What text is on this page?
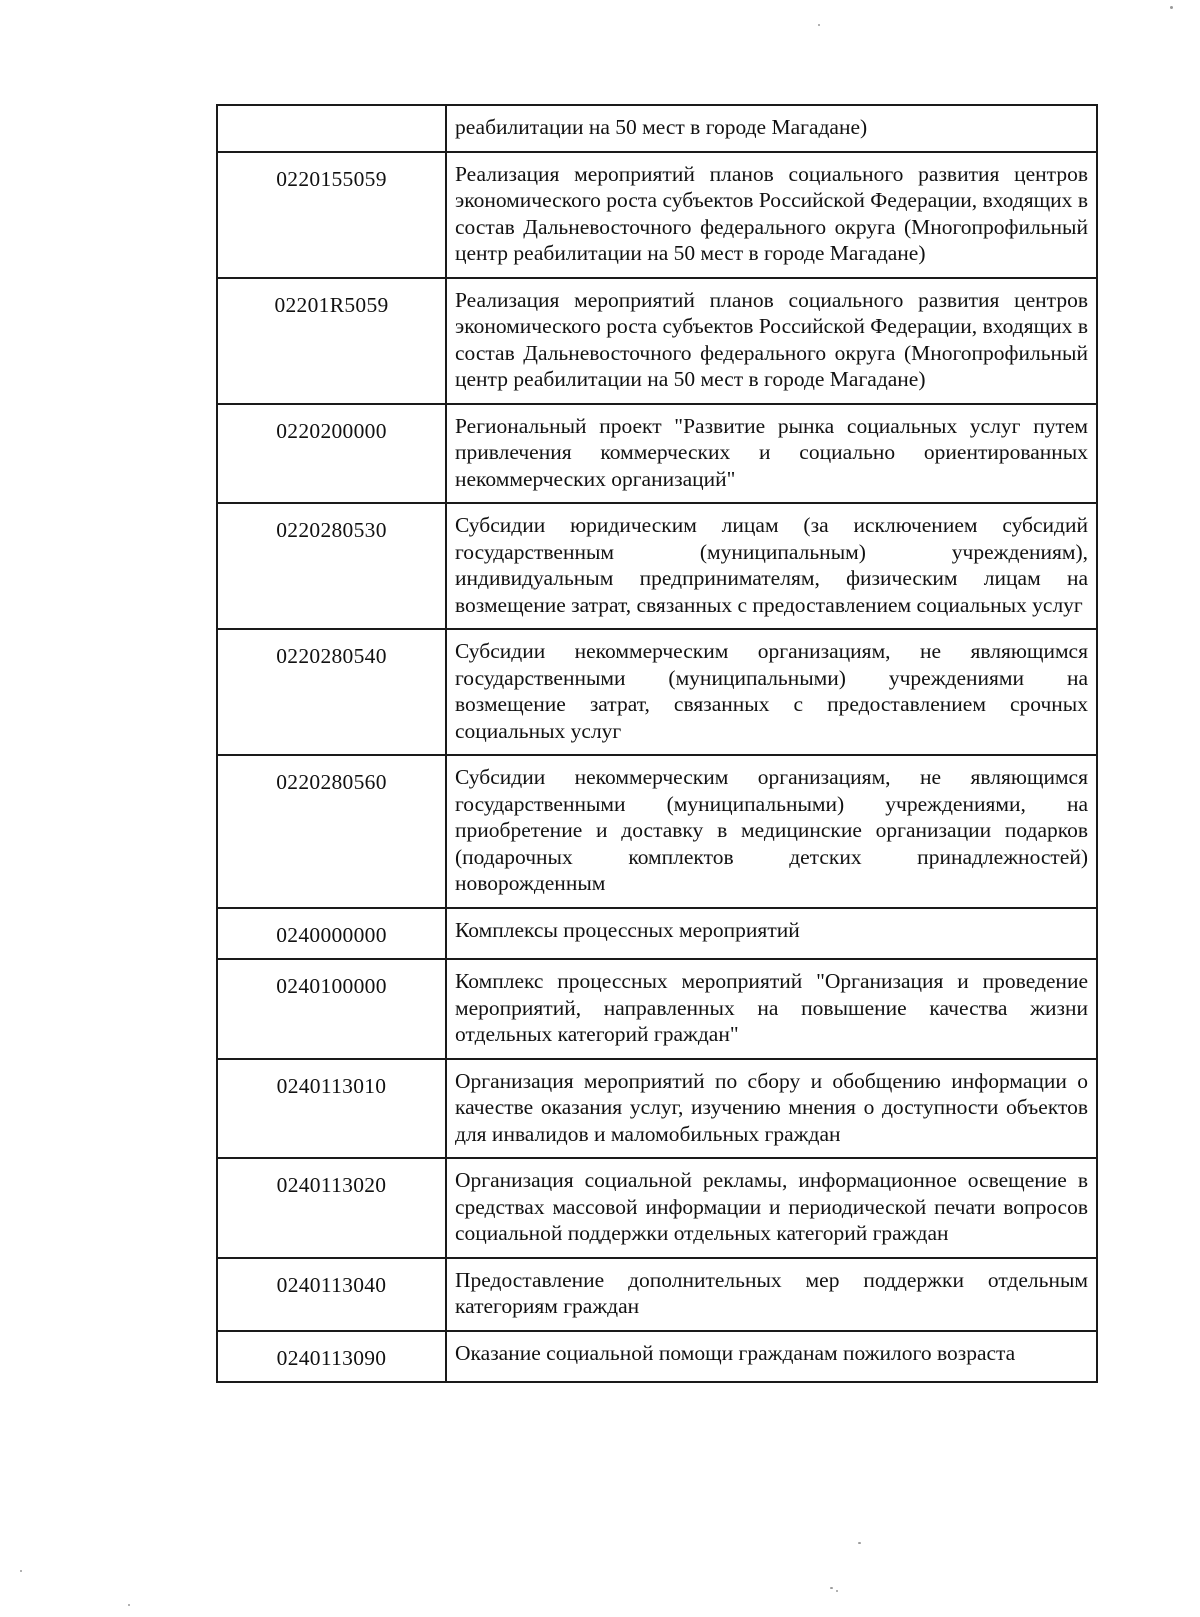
	реабилитации на 50 мест в городе Магадане)
0220155059	Реализация мероприятий планов социального развития центров экономического роста субъектов Российской Федерации, входящих в состав Дальневосточного федерального округа (Многопрофильный центр реабилитации на 50 мест в городе Магадане)
02201R5059	Реализация мероприятий планов социального развития центров экономического роста субъектов Российской Федерации, входящих в состав Дальневосточного федерального округа (Многопрофильный центр реабилитации на 50 мест в городе Магадане)
0220200000	Региональный проект "Развитие рынка социальных услуг путем привлечения коммерческих и социально ориентированных некоммерческих организаций"
0220280530	Субсидии юридическим лицам (за исключением субсидий государственным (муниципальным) учреждениям), индивидуальным предпринимателям, физическим лицам на возмещение затрат, связанных с предоставлением социальных услуг
0220280540	Субсидии некоммерческим организациям, не являющимся государственными (муниципальными) учреждениями на возмещение затрат, связанных с предоставлением срочных социальных услуг
0220280560	Субсидии некоммерческим организациям, не являющимся государственными (муниципальными) учреждениями, на приобретение и доставку в медицинские организации подарков (подарочных комплектов детских принадлежностей) новорожденным
0240000000	Комплексы процессных мероприятий
0240100000	Комплекс процессных мероприятий "Организация и проведение мероприятий, направленных на повышение качества жизни отдельных категорий граждан"
0240113010	Организация мероприятий по сбору и обобщению информации о качестве оказания услуг, изучению мнения о доступности объектов для инвалидов и маломобильных граждан
0240113020	Организация социальной рекламы, информационное освещение в средствах массовой информации и периодической печати вопросов социальной поддержки отдельных категорий граждан
0240113040	Предоставление дополнительных мер поддержки отдельным категориям граждан
0240113090	Оказание социальной помощи гражданам пожилого возраста
